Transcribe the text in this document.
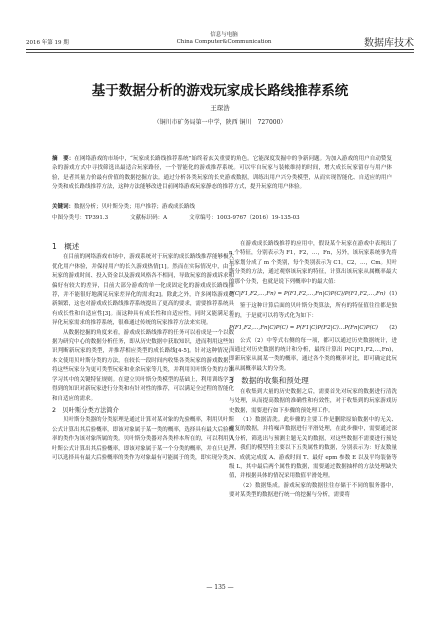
2016 年第 19 期
信息与电脑
China Computer&Communication	数据库技术
基于数据分析的游戏玩家成长路线推荐系统
王琛浩
（铜川市矿务局第一中学，陕西 铜川　727000）
摘　要：在网络游戏的市场中，“玩家成长路线推荐系统”始终着玄关重要的角色。它能深度发掘中的争新问题。为加入游戏的用户自动赞复杂的游戏方式中寻找筛选出最适合玩家路径，一个智能化的游戏推荐系统。可以牢自玩家与装帐维持的时间，增大成长玩家留存与用户体验，是者其量力价最有价值的数据挖掘方法。通过分析各类玩家的长史游戏数据，训练出用户兴分类模型，从而实现智能化、自适应的用户分类和成长路线推荐方法，这种方法能够改进目前网络游戏玩家静态的推荐方式，提升玩家的用户体验。
关键词：数据分析；贝叶斯分类；用户推荐；游戏成长路线
中图分类号：TP391.3	文献标识码：A	文章编号：1003-9767（2016）19-135-03
1　概述

在目前的网络游戏市场中，游戏系统对于玩家的成长路线推荐能够极大优化用户体验，并保持用户的长久游戏热情[1]。然而在实际情况中，由于玩家的游戏时间、投入资金以及游戏风格各不相同，导致玩家的游戏诉求和偏好有较大的差异，目前大部分游戏的单一化成固定化的游戏成长路线推荐，并不能很好地满足玩家差异化的需求[2]。除此之外，许多网络游戏更新频繁，这也对游戏成长路线推荐系统提出了更高的要求，需要推荐系统具有成长性和自适应性[3]。而这种具有成长性和自适应性，同时又能满足差异化玩家需求的推荐系统，很难通过传统的玩家推荐方法来实现。

从数据挖掘的角度来看，游戏成长路线推荐的任务可以看成是一个以数据为研究中心的数据分析任务，即从历史数据中获取知识，进而利用这些知识判断新玩家的类型，并推荐相应类型的成长路线[4-5]。针对这种情况，本文使用贝叶斯分类的方法，在较长一段时间内收集各类玩家的游戏数据，将这些玩家分为更可类型玩家和业余玩家等几类，并利用贝叶斯分类的方法学习其中的关键特征规则。在建立贝叶斯分类模型的基础上，利用训练学习得到的知识对新玩家进行分类和有针对性的推荐，可以满足全过程的智能化和自适应的需求。

2　贝叶斯分类方法简介

贝叶斯分类器的分类原理是通过计算对某对象的先验概率，利用贝叶斯公式计算出其后验概率，即该对象属于某一类的概率，选择具有最大后验概率的类作为该对象所属的类。贝叶斯分类器对各类样本所在的，可以利用贝叶斯公式计算出其后验概率，即该对象属于某一个分类的概率，并在只是，可以选择具有最大后验概率的类作为对象最有可能属于的类，即实现分类。

在游戏成长路线推荐的应用中，假设某个玩家在游戏中表现出了 n 个特征，分别表示为 F1，F2，…，Fn，另外，该玩家系统事先将玩家划分成了 m 个类别，每个类别表示为 C1，C2，…，Cm。贝叶斯分类的方法，通过观察该玩家的特征，计算出该玩家从属概率最大的那个分类，也就是说下列概率中的最大值：

P(C|F1,F2,…,Fn) = P(F1,F2,…,Fn|C)P(C)/P(F1,F2,…,Fn) (1)

鉴于这种计算后面的贝叶斯分类算法，所有的特征值往往都是独立的，于是就可以将等式化为如下：

P(F1,F2,…,Fn|C)P(C) = P(F1|C)P(F2|C)…P(Fn|C)P(C) (2)

公式（2）中等式右侧的每一项，都可以通过历史数据统计，进而通过对历史数据的统计和分析，最终计算出 P(C|F1,F2,…,Fn)，即新玩家从属某一类的概率，通过各个类的概率对比，即可确定此玩家从属概率最大的分类。

3　数据的收集和预处理

在收集到大量的历史数据之后，需要首先对玩家的数据进行清洗与处理，从而提高数据的准确性和有效性，对于收集到的玩家游戏历史数据，需要进行如下步骤的预处理工作。

（1）数据清洗。此步骤的主要工作是删除原始数据中的无关、重复的数据，并将噪声数据进行平滑处理，在此步骤中，需要通过深入分析，筛选出与预测主题无关的数据，对这些数据不需要进行预处理，我们的模型将主要以下五类属性的数据，分别表示为：好友数量 N、成就完成度 A、游戏时间 T、最好 epm 参数 E 以及平均装备等级 L，其中最后两个属性的数据，需要通过数据抽样的方法处理缺失值，并根据具体的情况采用数值平滑处理。

（2）数据集成。游戏玩家的数据往往存储于不同的服务器中，要对某类型的数据进行统一的挖掘与分析，需要将

— 135 —
